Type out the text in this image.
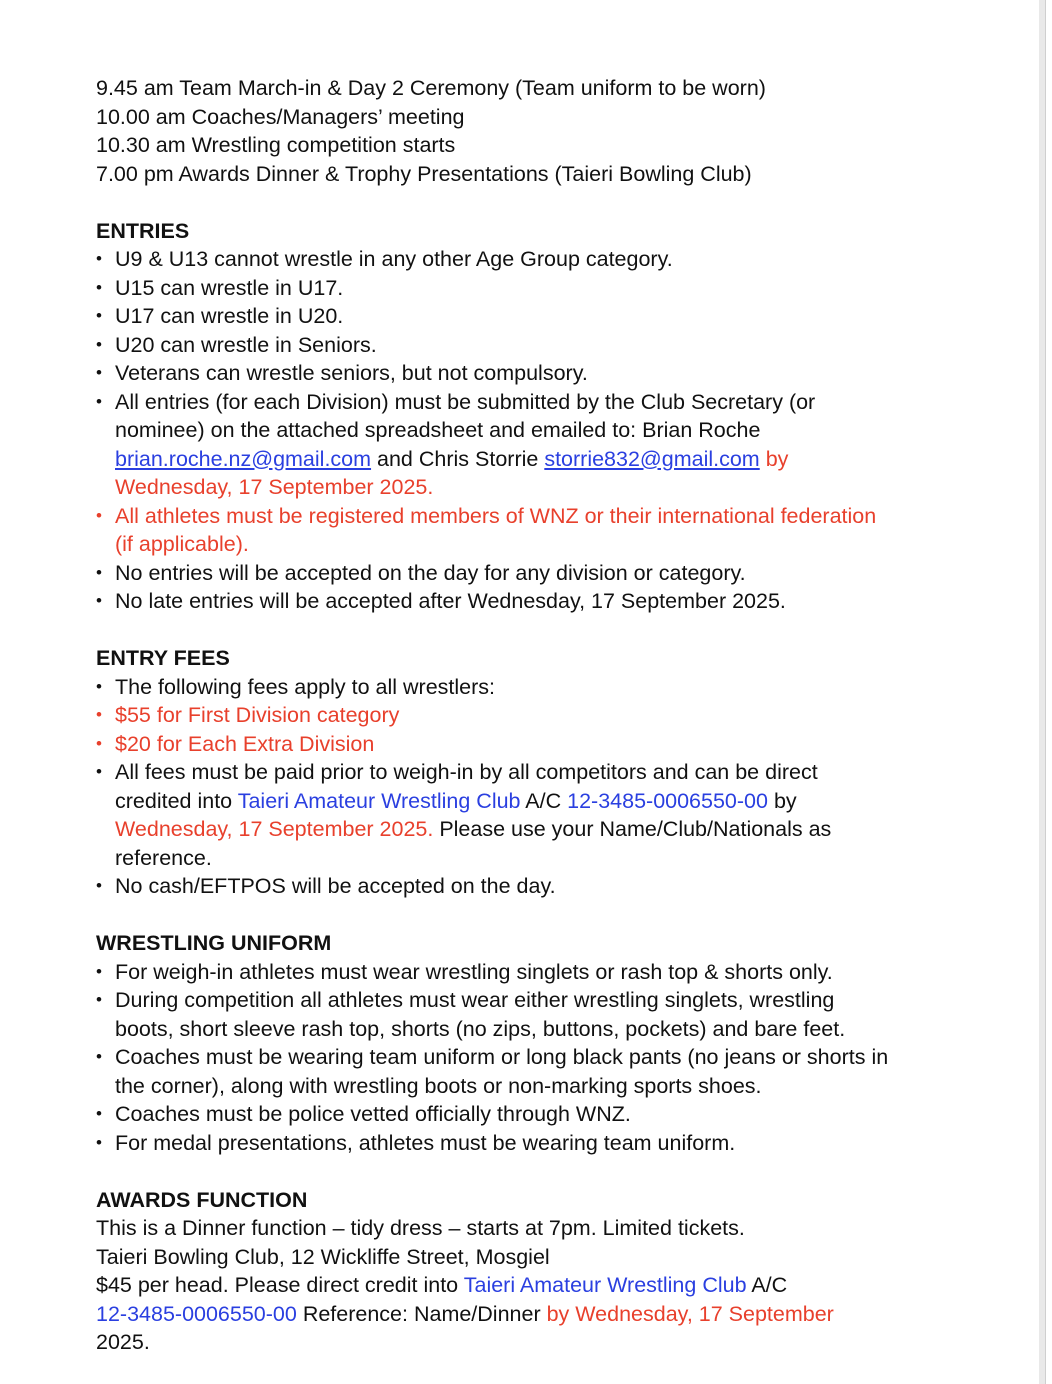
9.45 am Team March-in & Day 2 Ceremony (Team uniform to be worn)
10.00 am Coaches/Managers’ meeting
10.30 am Wrestling competition starts
7.00 pm Awards Dinner & Trophy Presentations (Taieri Bowling Club)
ENTRIES
• U9 & U13 cannot wrestle in any other Age Group category.
• U15 can wrestle in U17.
• U17 can wrestle in U20.
• U20 can wrestle in Seniors.
• Veterans can wrestle seniors, but not compulsory.
• All entries (for each Division) must be submitted by the Club Secretary (or
nominee) on the attached spreadsheet and emailed to: Brian Roche
brian.roche.nz@gmail.com and Chris Storrie storrie832@gmail.com by
Wednesday, 17 September 2025.
• All athletes must be registered members of WNZ or their international federation
(if applicable).
• No entries will be accepted on the day for any division or category.
• No late entries will be accepted after Wednesday, 17 September 2025.
ENTRY FEES
• The following fees apply to all wrestlers:
• $55 for First Division category
• $20 for Each Extra Division
• All fees must be paid prior to weigh-in by all competitors and can be direct
credited into Taieri Amateur Wrestling Club A/C 12-3485-0006550-00 by
Wednesday, 17 September 2025. Please use your Name/Club/Nationals as
reference.
• No cash/EFTPOS will be accepted on the day.
WRESTLING UNIFORM
• For weigh-in athletes must wear wrestling singlets or rash top & shorts only.
• During competition all athletes must wear either wrestling singlets, wrestling
boots, short sleeve rash top, shorts (no zips, buttons, pockets) and bare feet.
• Coaches must be wearing team uniform or long black pants (no jeans or shorts in
the corner), along with wrestling boots or non-marking sports shoes.
• Coaches must be police vetted officially through WNZ.
• For medal presentations, athletes must be wearing team uniform.
AWARDS FUNCTION
This is a Dinner function – tidy dress – starts at 7pm. Limited tickets.
Taieri Bowling Club, 12 Wickliffe Street, Mosgiel
$45 per head. Please direct credit into Taieri Amateur Wrestling Club A/C
12-3485-0006550-00 Reference: Name/Dinner by Wednesday, 17 September
2025.
